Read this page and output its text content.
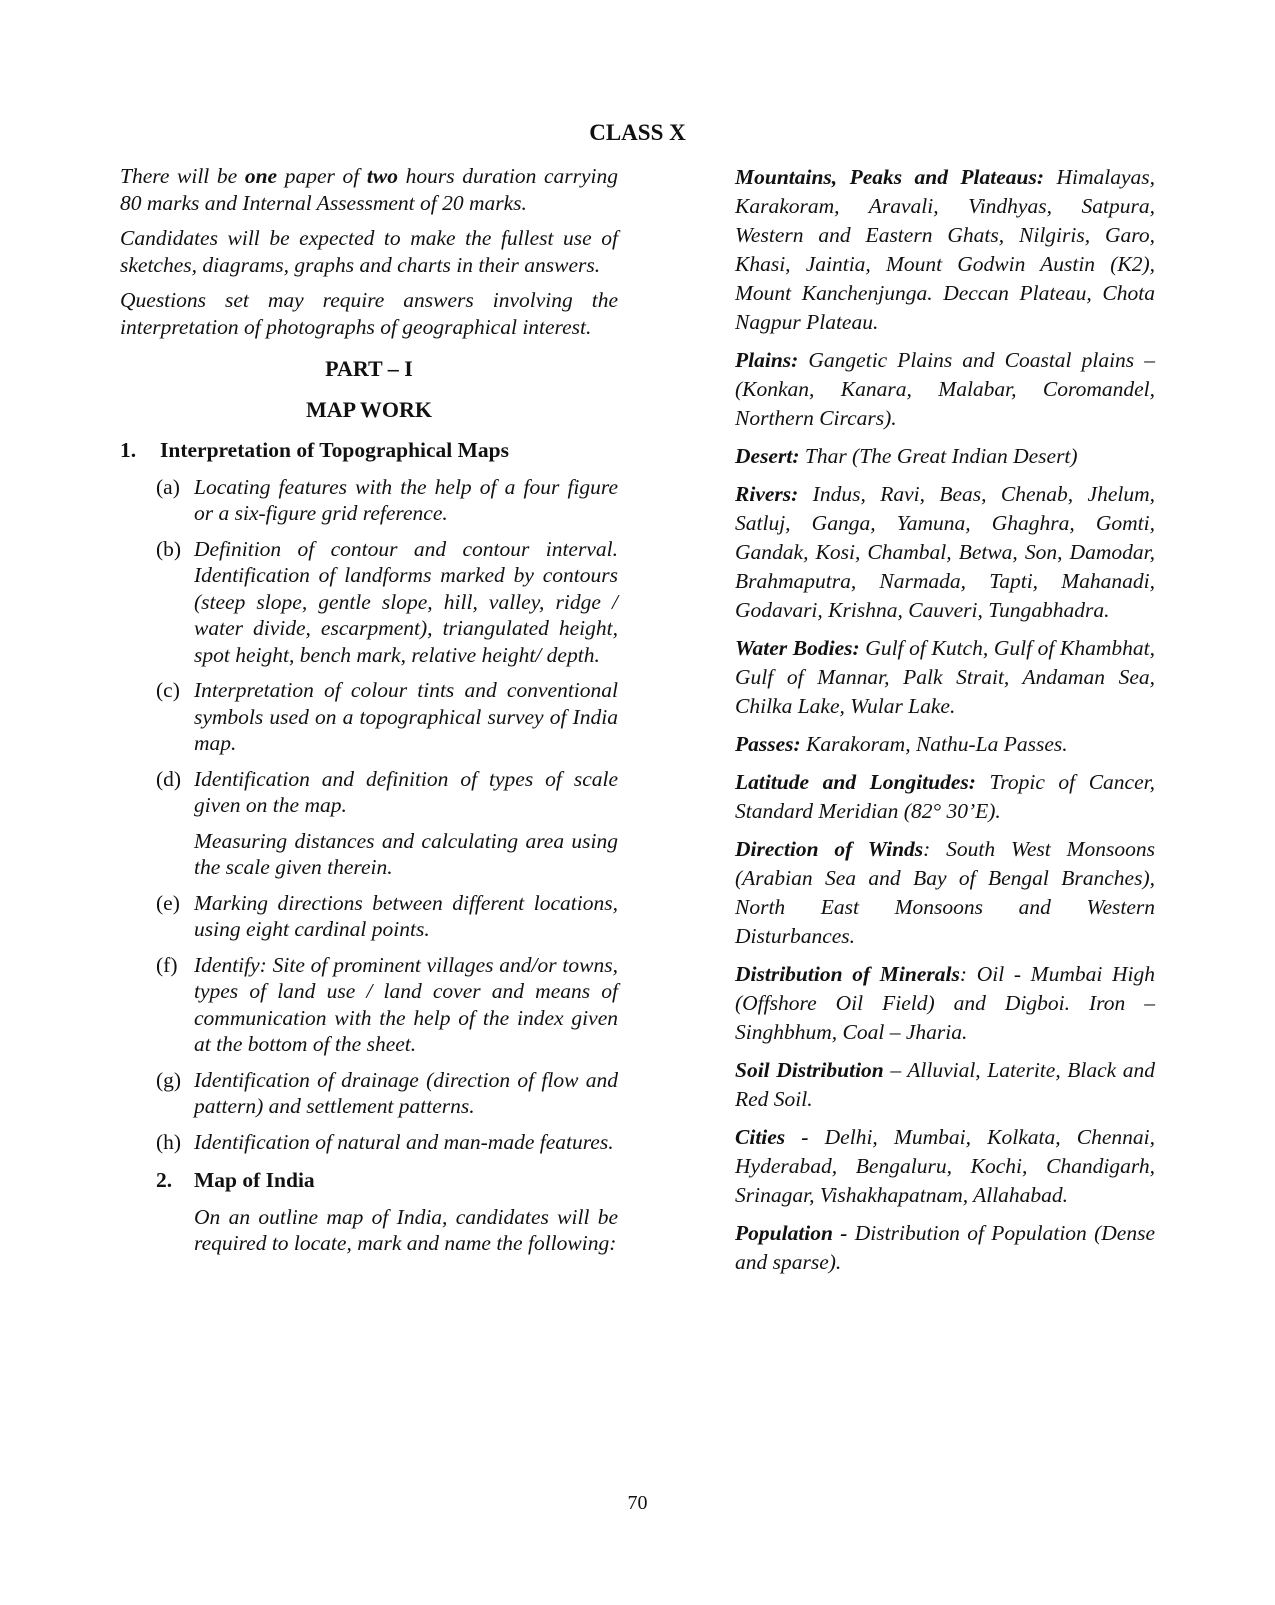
CLASS X

There will be one paper of two hours duration carrying 80 marks and Internal Assessment of 20 marks.

Candidates will be expected to make the fullest use of sketches, diagrams, graphs and charts in their answers.

Questions set may require answers involving the interpretation of photographs of geographical interest.

PART – I

MAP WORK

1.	Interpretation of Topographical Maps
(a) Locating features with the help of a four figure or a six-figure grid reference.
(b) Definition of contour and contour interval. Identification of landforms marked by contours (steep slope, gentle slope, hill, valley, ridge / water divide, escarpment), triangulated height, spot height, bench mark, relative height/ depth.
(c) Interpretation of colour tints and conventional symbols used on a topographical survey of India map.
(d) Identification and definition of types of scale given on the map.

Measuring distances and calculating area using the scale given therein.

(e) Marking directions between different locations, using eight cardinal points.
(f) Identify: Site of prominent villages and/or towns, types of land use / land cover and means of communication with the help of the index given at the bottom of the sheet.
(g) Identification of drainage (direction of flow and pattern) and settlement patterns.
(h) Identification of natural and man-made features.
2.	Map of India

On an outline map of India, candidates will be required to locate, mark and name the following:

Mountains, Peaks and Plateaus: Himalayas, Karakoram, Aravali, Vindhyas, Satpura, Western and Eastern Ghats, Nilgiris, Garo, Khasi, Jaintia, Mount Godwin Austin (K2), Mount Kanchenjunga. Deccan Plateau, Chota Nagpur Plateau.

Plains: Gangetic Plains and Coastal plains – (Konkan, Kanara, Malabar, Coromandel, Northern Circars).

Desert: Thar (The Great Indian Desert)

Rivers: Indus, Ravi, Beas, Chenab, Jhelum, Satluj, Ganga, Yamuna, Ghaghra, Gomti, Gandak, Kosi, Chambal, Betwa, Son, Damodar, Brahmaputra, Narmada, Tapti, Mahanadi, Godavari, Krishna, Cauveri, Tungabhadra.

Water Bodies: Gulf of Kutch, Gulf of Khambhat, Gulf of Mannar, Palk Strait, Andaman Sea, Chilka Lake, Wular Lake.

Passes: Karakoram, Nathu-La Passes.

Latitude and Longitudes: Tropic of Cancer, Standard Meridian (82° 30’E).

Direction of Winds: South West Monsoons (Arabian Sea and Bay of Bengal Branches), North East Monsoons and Western Disturbances.

Distribution of Minerals: Oil - Mumbai High (Offshore Oil Field) and Digboi. Iron – Singhbhum, Coal – Jharia.

Soil Distribution – Alluvial, Laterite, Black and Red Soil.

Cities - Delhi, Mumbai, Kolkata, Chennai, Hyderabad, Bengaluru, Kochi, Chandigarh, Srinagar, Vishakhapatnam, Allahabad.

Population - Distribution of Population (Dense and sparse).

70
